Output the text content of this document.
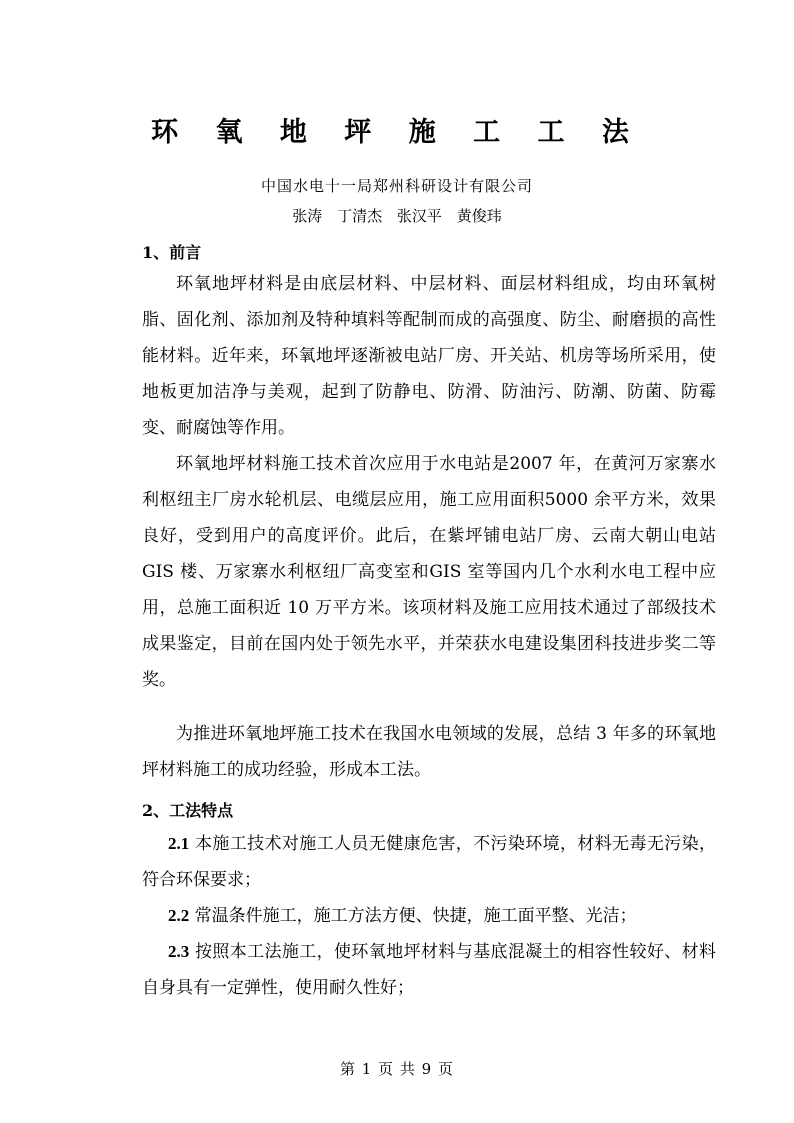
环 氧 地 坪 施 工 工 法
中国水电十一局郑州科研设计有限公司
张涛 丁清杰 张汉平 黄俊玮
1、前言
环氧地坪材料是由底层材料、中层材料、面层材料组成，均由环氧树脂、固化剂、添加剂及特种填料等配制而成的高强度、防尘、耐磨损的高性能材料。近年来，环氧地坪逐渐被电站厂房、开关站、机房等场所采用，使地板更加洁净与美观，起到了防静电、防滑、防油污、防潮、防菌、防霉变、耐腐蚀等作用。
环氧地坪材料施工技术首次应用于水电站是2007 年，在黄河万家寨水利枢纽主厂房水轮机层、电缆层应用，施工应用面积5000 余平方米，效果良好，受到用户的高度评价。此后，在紫坪铺电站厂房、云南大朝山电站 GIS 楼、万家寨水利枢纽厂高变室和GIS 室等国内几个水利水电工程中应用，总施工面积近 10 万平方米。该项材料及施工应用技术通过了部级技术成果鉴定，目前在国内处于领先水平，并荣获水电建设集团科技进步奖二等奖。
为推进环氧地坪施工技术在我国水电领域的发展，总结 3 年多的环氧地坪材料施工的成功经验，形成本工法。
2、工法特点
2.1 本施工技术对施工人员无健康危害，不污染环境，材料无毒无污染，符合环保要求；
2.2 常温条件施工，施工方法方便、快捷，施工面平整、光洁；
2.3 按照本工法施工，使环氧地坪材料与基底混凝土的相容性较好、材料自身具有一定弹性，使用耐久性好；
第 1 页 共 9 页
